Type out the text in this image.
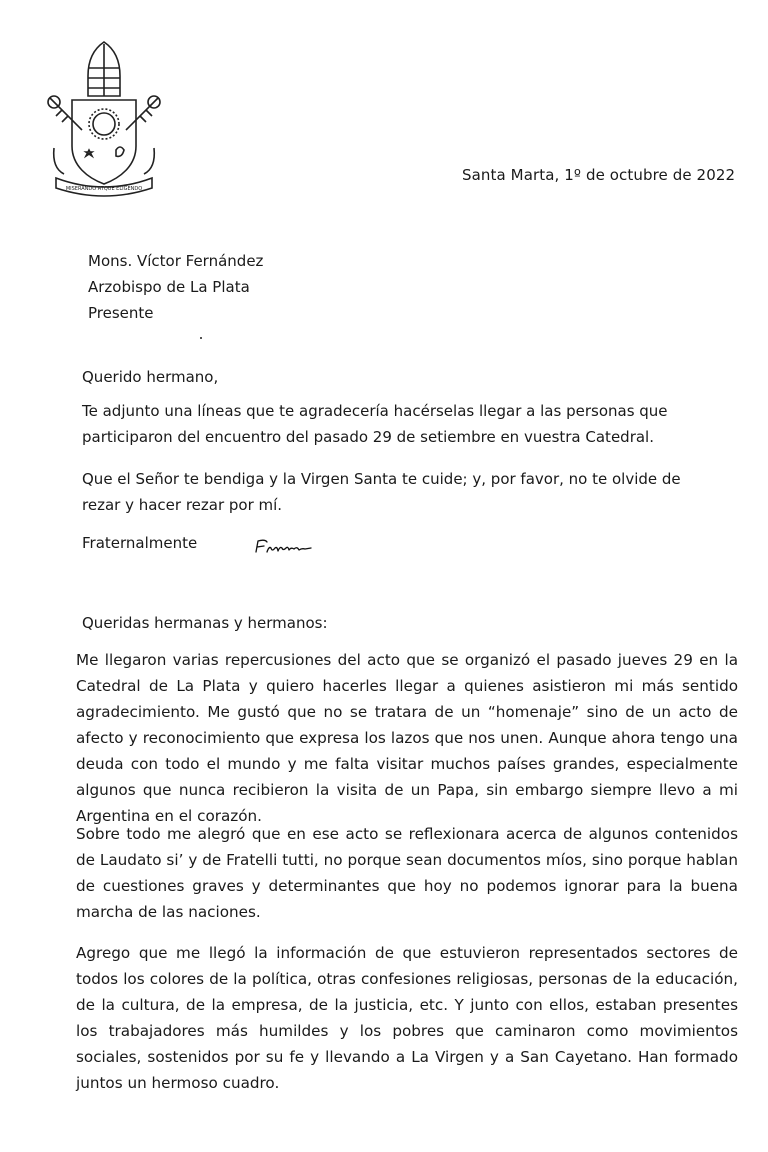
MISERANDO ATQUE ELIGENDO
Santa Marta, 1º de octubre de 2022
Mons. Víctor Fernández
Arzobispo de La Plata
Presente
Querido hermano,

Te adjunto una líneas que te agradecería hacérselas llegar a las personas que participaron del encuentro del pasado 29 de setiembre en vuestra Catedral.

Que el Señor te bendiga y la Virgen Santa te cuide; y, por favor, no te olvide de rezar y hacer rezar por mí.

Fraternalmente
Queridas hermanas y hermanos:

Me llegaron varias repercusiones del acto que se organizó el pasado jueves 29 en la Catedral de La Plata y quiero hacerles llegar a quienes asistieron mi más sentido agradecimiento. Me gustó que no se tratara de un “homenaje” sino de un acto de afecto y reconocimiento que expresa los lazos que nos unen. Aunque ahora tengo una deuda con todo el mundo y me falta visitar muchos países grandes, especialmente algunos que nunca recibieron la visita de un Papa, sin embargo siempre llevo a mi Argentina en el corazón.

Sobre todo me alegró que en ese acto se reflexionara acerca de algunos contenidos de Laudato si’ y de Fratelli tutti, no porque sean documentos míos, sino porque hablan de cuestiones graves y determinantes que hoy no podemos ignorar para la buena marcha de las naciones.

Agrego que me llegó la información de que estuvieron representados sectores de todos los colores de la política, otras confesiones religiosas, personas de la educación, de la cultura, de la empresa, de la justicia, etc. Y junto con ellos, estaban presentes los trabajadores más humildes y los pobres que caminaron como movimientos sociales, sostenidos por su fe y llevando a La Virgen y a San Cayetano. Han formado juntos un hermoso cuadro.
